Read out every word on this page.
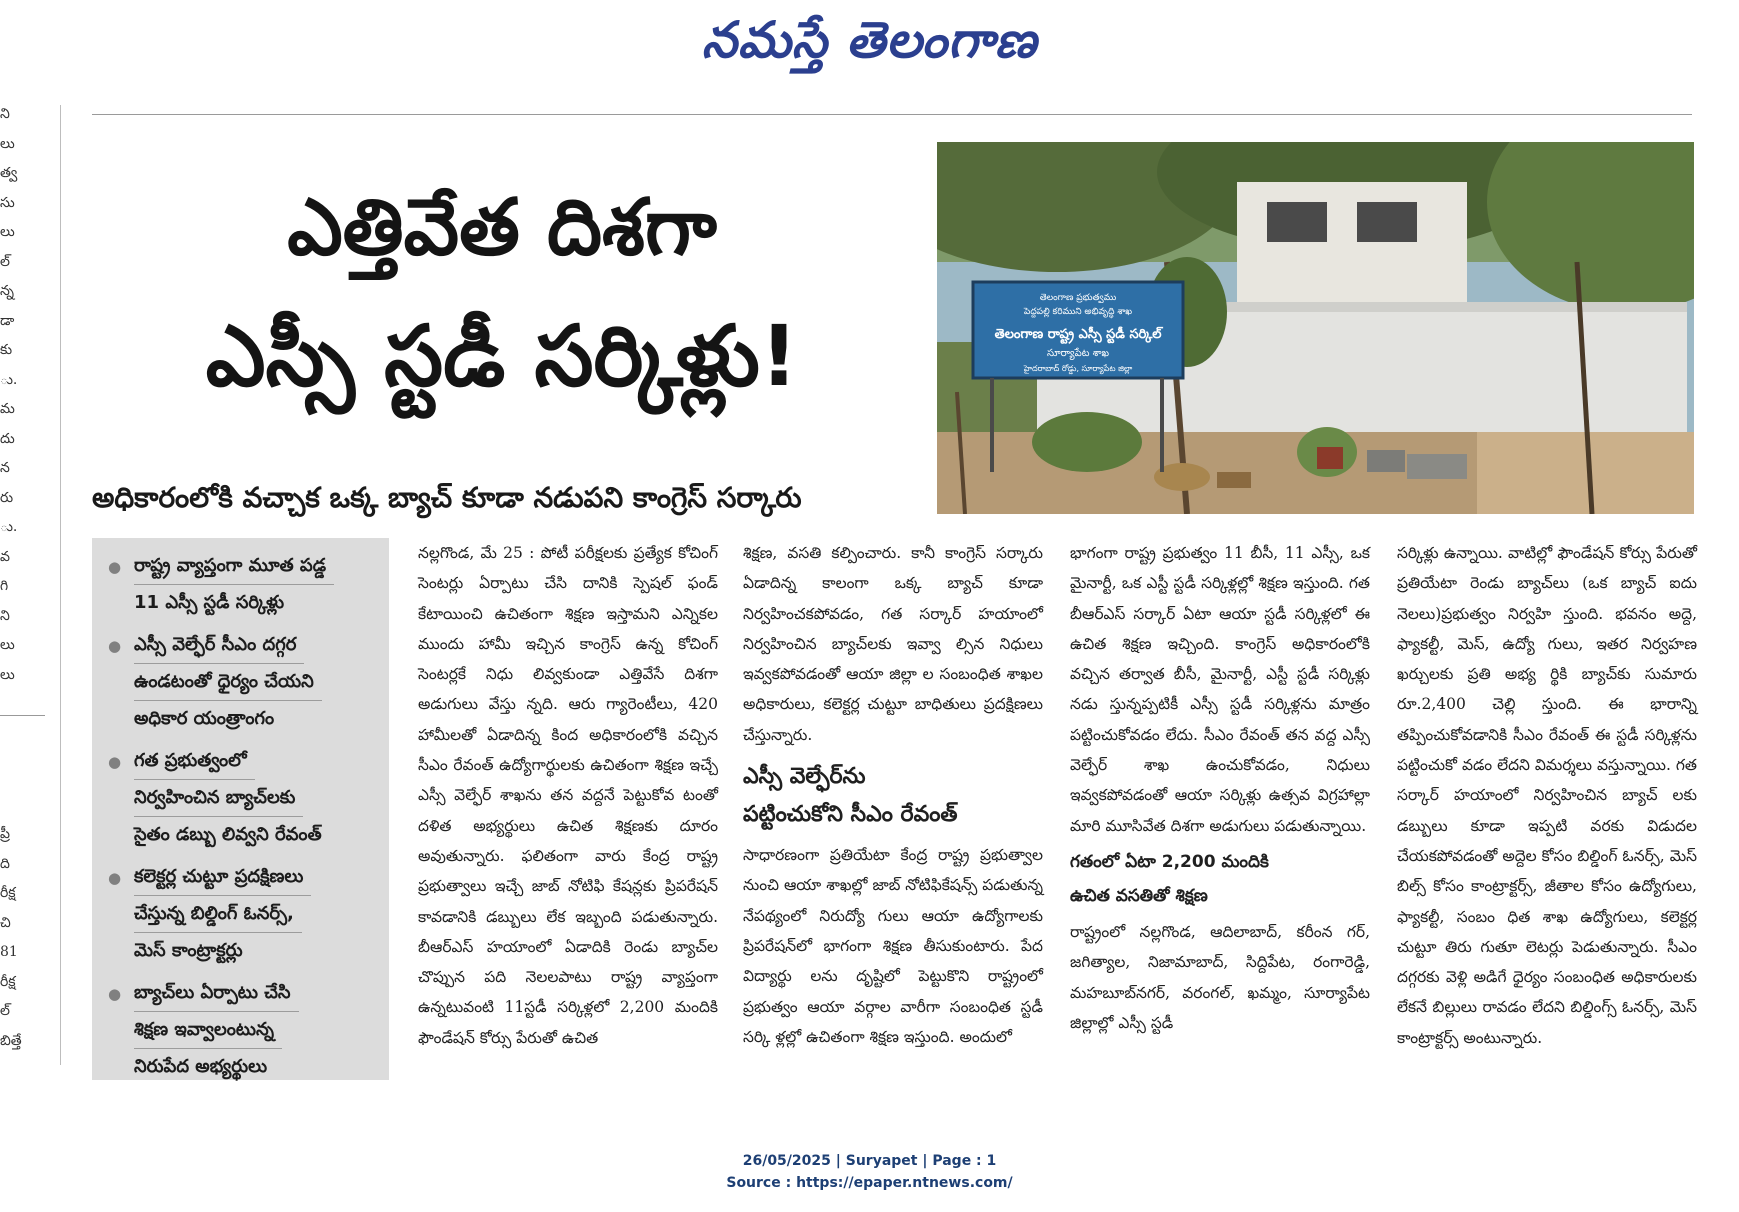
నమస్తే తెలంగాణ
ని
లు
త్వ
సు
లు
ల్
న్న
డా
కు
ు.
మ
దు
న
రు
ు.
వ
గి
ని
లు
లు
ప్రీ
ది
రీక్ష
చి
81
రీక్ష
ల్
బిత్తే
ఎత్తివేత దిశగా
ఎస్సీ స్టడీ సర్కిళ్లు!
అధికారంలోకి వచ్చాక ఒక్క బ్యాచ్ కూడా నడుపని కాంగ్రెస్ సర్కారు
తెలంగాణ ప్రభుత్వము
పెద్దపల్లి కరిముని అభివృద్ధి శాఖ
తెలంగాణ రాష్ట్ర ఎస్సీ స్టడీ సర్కిల్
సూర్యాపేట శాఖ
హైదరాబాద్ రోడ్డు, సూర్యాపేట జిల్లా
● రాష్ట్ర వ్యాప్తంగా మూత పడ్డ
11 ఎస్సీ స్టడీ సర్కిళ్లు
● ఎస్సీ వెల్ఫేర్ సీఎం దగ్గర
ఉండటంతో ధైర్యం చేయని
అధికార యంత్రాంగం
● గత ప్రభుత్వంలో
నిర్వహించిన బ్యాచ్‌లకు
సైతం డబ్బు లివ్వని రేవంత్
● కలెక్టర్ల చుట్టూ ప్రదక్షిణలు
చేస్తున్న బిల్డింగ్ ఓనర్స్,
మెస్ కాంట్రాక్టర్లు
● బ్యాచ్‌లు ఏర్పాటు చేసి
శిక్షణ ఇవ్వాలంటున్న
నిరుపేద అభ్యర్థులు

నల్లగొండ, మే 25 : పోటీ పరీక్షలకు ప్రత్యేక కోచింగ్ సెంటర్లు ఏర్పాటు చేసి దానికి స్పెషల్ ఫండ్ కేటాయించి ఉచితంగా శిక్షణ ఇస్తామని ఎన్నికల ముందు హామీ ఇచ్చిన కాంగ్రెస్ ఉన్న కోచింగ్ సెంటర్లకే నిధు లివ్వకుండా ఎత్తివేసే దిశగా అడుగులు వేస్తు న్నది. ఆరు గ్యారెంటీలు, 420 హామీలతో ఏడాదిన్న కింద అధికారంలోకి వచ్చిన సీఎం రేవంత్ ఉద్యోగార్థులకు ఉచితంగా శిక్షణ ఇచ్చే ఎస్సీ వెల్ఫేర్ శాఖను తన వద్దనే పెట్టుకోవ టంతో దళిత అభ్యర్థులు ఉచిత శిక్షణకు దూరం అవుతున్నారు. ఫలితంగా వారు కేంద్ర రాష్ట్ర ప్రభుత్వాలు ఇచ్చే జాబ్ నోటిఫి కేషన్లకు ప్రిపరేషన్ కావడానికి డబ్బులు లేక ఇబ్బంది పడుతున్నారు. బీఆర్‌ఎస్ హయాంలో ఏడాదికి రెండు బ్యాచ్‌ల చొప్పున పది నెలలపాటు రాష్ట్ర వ్యాప్తంగా ఉన్నటువంటి 11స్టడీ సర్కిళ్లలో 2,200 మందికి ఫౌండేషన్ కోర్సు పేరుతో ఉచిత

శిక్షణ, వసతి కల్పించారు. కానీ కాంగ్రెస్ సర్కారు ఏడాదిన్న కాలంగా ఒక్క బ్యాచ్ కూడా నిర్వహించకపోవడం, గత సర్కార్ హయాంలో నిర్వహించిన బ్యాచ్‌లకు ఇవ్వా ల్సిన నిధులు ఇవ్వకపోవడంతో ఆయా జిల్లా ల సంబంధిత శాఖల అధికారులు, కలెక్టర్ల చుట్టూ బాధితులు ప్రదక్షిణలు చేస్తున్నారు.

ఎస్సీ వెల్ఫేర్‌ను
పట్టించుకోని సీఎం రేవంత్

సాధారణంగా ప్రతియేటా కేంద్ర రాష్ట్ర ప్రభుత్వాల నుంచి ఆయా శాఖల్లో జాబ్ నోటిఫికేషన్స్ పడుతున్న నేపథ్యంలో నిరుద్యో గులు ఆయా ఉద్యోగాలకు ప్రిపరేషన్‌లో భాగంగా శిక్షణ తీసుకుంటారు. పేద విద్యార్థు లను దృష్టిలో పెట్టుకొని రాష్ట్రంలో ప్రభుత్వం ఆయా వర్గాల వారీగా సంబంధిత స్టడీ సర్కి ళ్లల్లో ఉచితంగా శిక్షణ ఇస్తుంది. అందులో

భాగంగా రాష్ట్ర ప్రభుత్వం 11 బీసీ, 11 ఎస్సీ, ఒక మైనార్టీ, ఒక ఎస్టీ స్టడీ సర్కిళ్లల్లో శిక్షణ ఇస్తుంది. గత బీఆర్‌ఎస్ సర్కార్ ఏటా ఆయా స్టడీ సర్కిళ్లలో ఈ ఉచిత శిక్షణ ఇచ్చింది. కాంగ్రెస్ అధికారంలోకి వచ్చిన తర్వాత బీసీ, మైనార్టీ, ఎస్టీ స్టడీ సర్కిళ్లు నడు స్తున్నప్పటికీ ఎస్సీ స్టడీ సర్కిళ్లను మాత్రం పట్టించుకోవడం లేదు. సీఎం రేవంత్ తన వద్ద ఎస్సీ వెల్ఫేర్ శాఖ ఉంచుకోవడం, నిధులు ఇవ్వకపోవడంతో ఆయా సర్కిళ్లు ఉత్సవ విగ్రహాల్లా మారి మూసివేత దిశగా అడుగులు పడుతున్నాయి.

గతంలో ఏటా 2,200 మందికి
ఉచిత వసతితో శిక్షణ

రాష్ట్రంలో నల్లగొండ, ఆదిలాబాద్, కరీంన గర్, జగిత్యాల, నిజామాబాద్, సిద్దిపేట, రంగారెడ్డి, మహబూబ్‌నగర్, వరంగల్, ఖమ్మం, సూర్యాపేట జిల్లాల్లో ఎస్సీ స్టడీ

సర్కిళ్లు ఉన్నాయి. వాటిల్లో ఫౌండేషన్ కోర్సు పేరుతో ప్రతియేటా రెండు బ్యాచ్‌లు (ఒక బ్యాచ్ ఐదు నెలలు)ప్రభుత్వం నిర్వహి స్తుంది. భవనం అద్దె, ఫ్యాకల్టీ, మెస్, ఉద్యో గులు, ఇతర నిర్వహణ ఖర్చులకు ప్రతి అభ్య ర్థికి బ్యాచ్‌కు సుమారు రూ.2,400 చెల్లి స్తుంది. ఈ భారాన్ని తప్పించుకోవడానికి సీఎం రేవంత్ ఈ స్టడీ సర్కిళ్లను పట్టించుకో వడం లేదని విమర్శలు వస్తున్నాయి. గత సర్కార్ హయాంలో నిర్వహించిన బ్యాచ్ లకు డబ్బులు కూడా ఇప్పటి వరకు విడుదల చేయకపోవడంతో అద్దెల కోసం బిల్డింగ్ ఓనర్స్, మెస్ బిల్స్ కోసం కాంట్రాక్టర్స్, జీతాల కోసం ఉద్యోగులు, ఫ్యాకల్టీ, సంబం ధిత శాఖ ఉద్యోగులు, కలెక్టర్ల చుట్టూ తిరు గుతూ లెటర్లు పెడుతున్నారు. సీఎం దగ్గరకు వెళ్లి అడిగే ధైర్యం సంబంధిత అధికారులకు లేకనే బిల్లులు రావడం లేదని బిల్డింగ్స్ ఓనర్స్, మెస్ కాంట్రాక్టర్స్ అంటున్నారు.

26/05/2025 | Suryapet | Page : 1
Source : https://epaper.ntnews.com/
